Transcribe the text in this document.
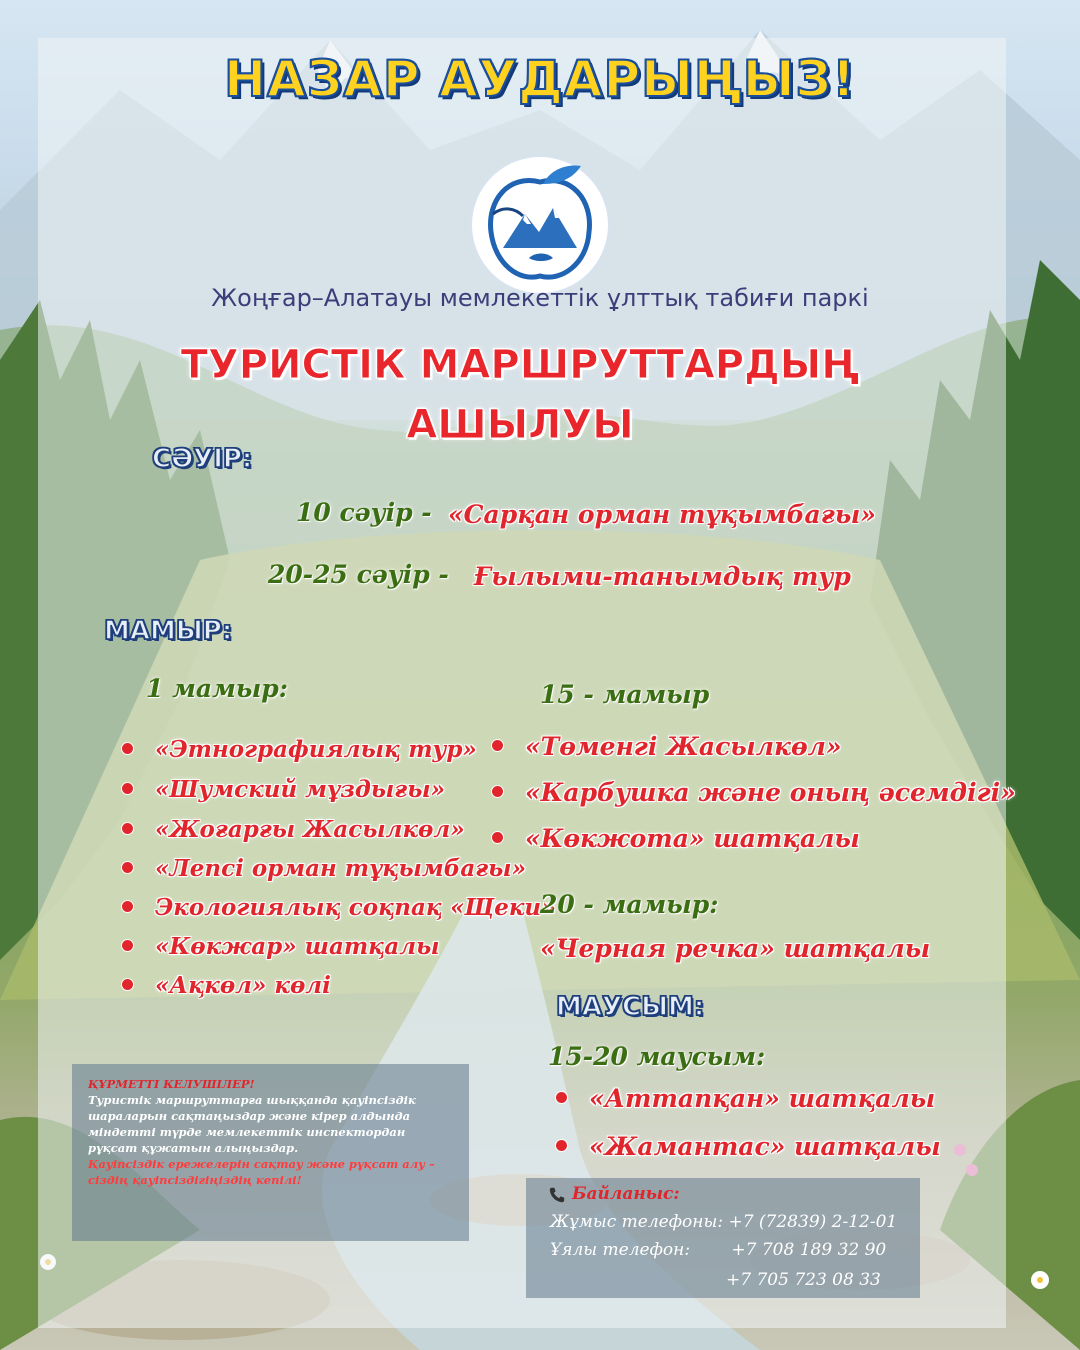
НАЗАР АУДАРЫҢЫЗ!
Жоңғар–Алатауы мемлекеттік ұлттық табиғи паркі
ТУРИСТІК МАРШРУТТАРДЫҢ
АШЫЛУЫ
СӘУІР:
10 сәуір - «Сарқан орман тұқымбағы»
20-25 сәуір - Ғылыми-танымдық тур
МАМЫР:
1 мамыр:
«Этнографиялық тур»
«Шумский мұздығы»
«Жоғарғы Жасылкөл»
«Лепсі орман тұқымбағы»
Экологиялық соқпақ «Щеки»
«Көкжар» шатқалы
«Ақкөл» көлі
15 - мамыр
«Төменгі Жасылкөл»
«Карбушка және оның әсемдігі»
«Көкжота» шатқалы
20 - мамыр:
«Черная речка» шатқалы
МАУСЫМ:
15-20 маусым:
«Аттапқан» шатқалы
«Жамантас» шатқалы
ҚҰРМЕТТІ КЕЛУШІЛЕР!
Туристік маршруттарға шыққанда қауіпсіздік шараларын сақтаңыздар және кірер алдында міндетті түрде мемлекеттік инспектордан рұқсат құжатын алыңыздар.
Қауіпсіздік ережелерін сақтау және рұқсат алу – сіздің қауіпсіздігіңіздің кепілі!
Байланыс:
Жұмыс телефоны: +7 (72839) 2-12-01
Ұялы телефон: +7 708 189 32 90
+7 705 723 08 33
